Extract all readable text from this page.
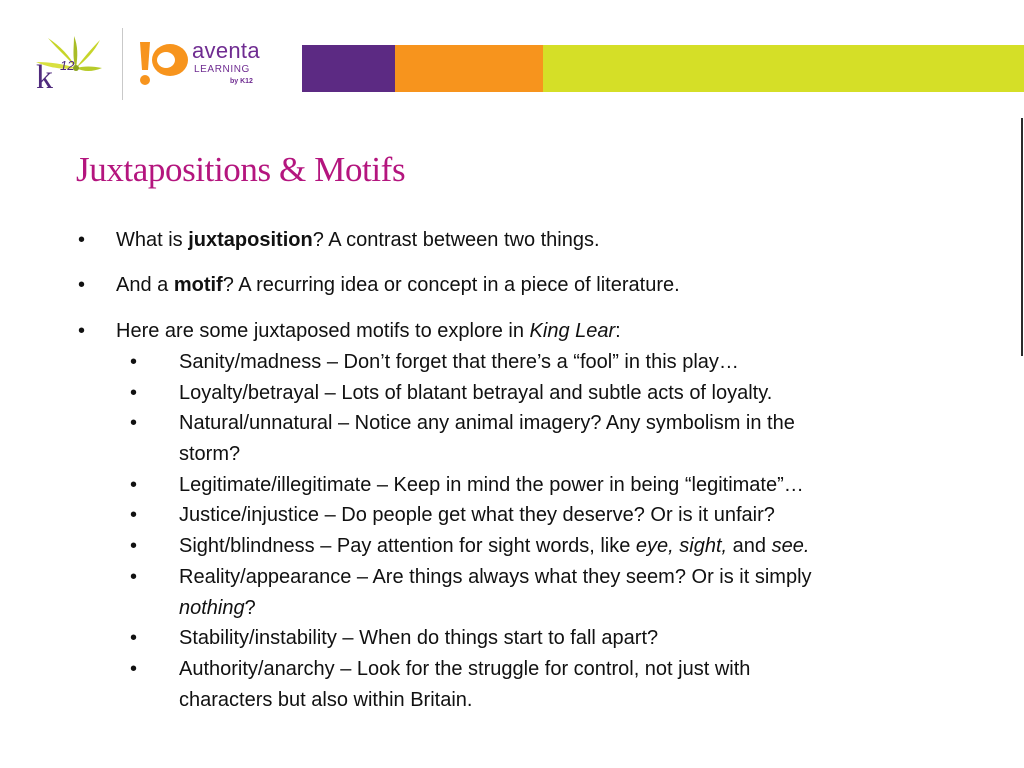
k 12
aventa
LEARNING
by K12
Juxtapositions & Motifs
• What is juxtaposition? A contrast between two things.
• And a motif? A recurring idea or concept in a piece of literature.
• Here are some juxtaposed motifs to explore in King Lear:
• Sanity/madness – Don’t forget that there’s a “fool” in this play…
• Loyalty/betrayal – Lots of blatant betrayal and subtle acts of loyalty.
• Natural/unnatural – Notice any animal imagery? Any symbolism in the
storm?
• Legitimate/illegitimate – Keep in mind the power in being “legitimate”…
• Justice/injustice – Do people get what they deserve? Or is it unfair?
• Sight/blindness – Pay attention for sight words, like eye, sight, and see.
• Reality/appearance – Are things always what they seem? Or is it simply
nothing?
• Stability/instability – When do things start to fall apart?
• Authority/anarchy – Look for the struggle for control, not just with
characters but also within Britain.
